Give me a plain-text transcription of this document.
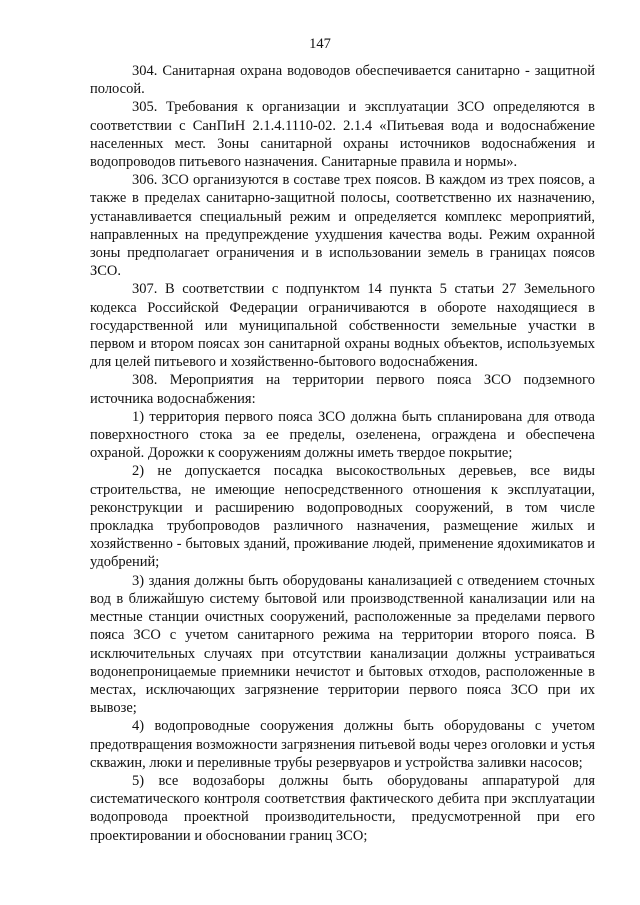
147

304. Санитарная охрана водоводов обеспечивается санитарно - защитной полосой.

305. Требования к организации и эксплуатации ЗСО определяются в соответствии с СанПиН 2.1.4.1110-02. 2.1.4 «Питьевая вода и водоснабжение населенных мест. Зоны санитарной охраны источников водоснабжения и водопроводов питьевого назначения. Санитарные правила и нормы».

306. ЗСО организуются в составе трех поясов. В каждом из трех поясов, а также в пределах санитарно-защитной полосы, соответственно их назначению, устанавливается специальный режим и определяется комплекс мероприятий, направленных на предупреждение ухудшения качества воды. Режим охранной зоны предполагает ограничения и в использовании земель в границах поясов ЗСО.

307. В соответствии с подпунктом 14 пункта 5 статьи 27 Земельного кодекса Российской Федерации ограничиваются в обороте находящиеся в государственной или муниципальной собственности земельные участки в первом и втором поясах зон санитарной охраны водных объектов, используемых для целей питьевого и хозяйственно-бытового водоснабжения.

308. Мероприятия на территории первого пояса ЗСО подземного источника водоснабжения:

1) территория первого пояса ЗСО должна быть спланирована для отвода поверхностного стока за ее пределы, озеленена, ограждена и обеспечена охраной. Дорожки к сооружениям должны иметь твердое покрытие;

2) не допускается посадка высокоствольных деревьев, все виды строительства, не имеющие непосредственного отношения к эксплуатации, реконструкции и расширению водопроводных сооружений, в том числе прокладка трубопроводов различного назначения, размещение жилых и хозяйственно - бытовых зданий, проживание людей, применение ядохимикатов и удобрений;

3) здания должны быть оборудованы канализацией с отведением сточных вод в ближайшую систему бытовой или производственной канализации или на местные станции очистных сооружений, расположенные за пределами первого пояса ЗСО с учетом санитарного режима на территории второго пояса. В исключительных случаях при отсутствии канализации должны устраиваться водонепроницаемые приемники нечистот и бытовых отходов, расположенные в местах, исключающих загрязнение территории первого пояса ЗСО при их вывозе;

4) водопроводные сооружения должны быть оборудованы с учетом предотвращения возможности загрязнения питьевой воды через оголовки и устья скважин, люки и переливные трубы резервуаров и устройства заливки насосов;

5) все водозаборы должны быть оборудованы аппаратурой для систематического контроля соответствия фактического дебита при эксплуатации водопровода проектной производительности, предусмотренной при его проектировании и обосновании границ ЗСО;
